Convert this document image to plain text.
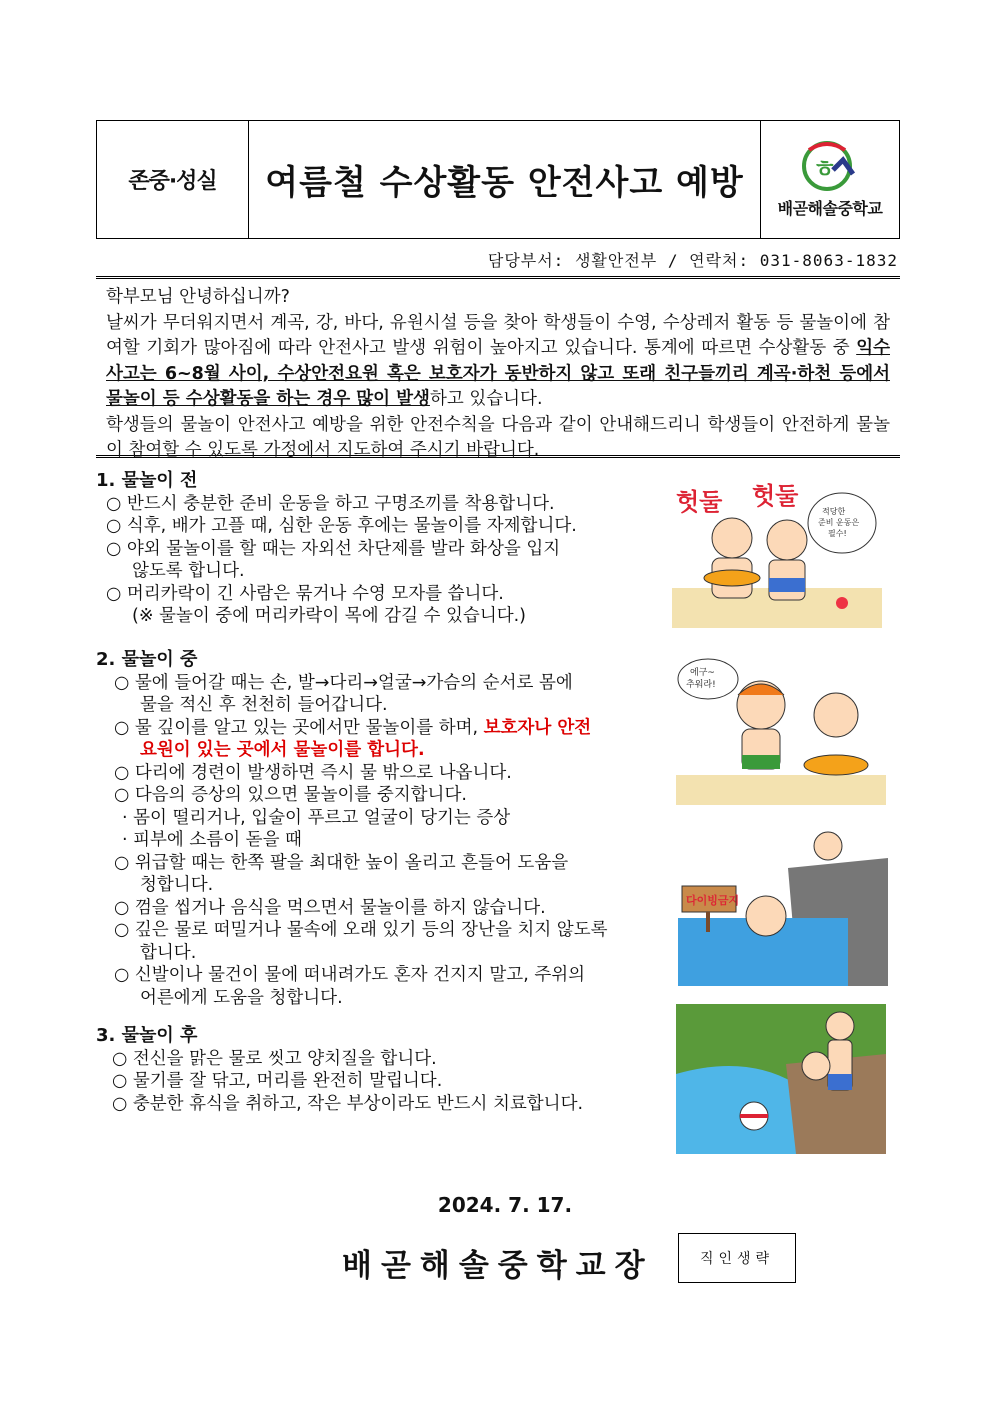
존중·성실	여름철 수상활동 안전사고 예방	ㅎ
배곧해솔중학교
담당부서: 생활안전부 / 연락처: 031-8063-1832

학부모님 안녕하십니까?

날씨가 무더워지면서 계곡, 강, 바다, 유원시설 등을 찾아 학생들이 수영, 수상레저 활동 등 물놀이에 참여할 기회가 많아짐에 따라 안전사고 발생 위험이 높아지고 있습니다. 통계에 따르면 수상활동 중 익수사고는 6~8월 사이, 수상안전요원 혹은 보호자가 동반하지 않고 또래 친구들끼리 계곡·하천 등에서 물놀이 등 수상활동을 하는 경우 많이 발생하고 있습니다.

학생들의 물놀이 안전사고 예방을 위한 안전수칙을 다음과 같이 안내해드리니 학생들이 안전하게 물놀이 참여할 수 있도록 가정에서 지도하여 주시기 바랍니다.

1. 물놀이 전

○ 반드시 충분한 준비 운동을 하고 구명조끼를 착용합니다.

○ 식후, 배가 고플 때, 심한 운동 후에는 물놀이를 자제합니다.

○ 야외 물놀이를 할 때는 자외선 차단제를 발라 화상을 입지

않도록 합니다.

○ 머리카락이 긴 사람은 묶거나 수영 모자를 씁니다.

(※ 물놀이 중에 머리카락이 목에 감길 수 있습니다.)

헛둘 헛둘
적당한
준비 운동은
필수!
2. 물놀이 중

○ 물에 들어갈 때는 손, 발→다리→얼굴→가슴의 순서로 몸에

물을 적신 후 천천히 들어갑니다.

○ 물 깊이를 알고 있는 곳에서만 물놀이를 하며, 보호자나 안전

요원이 있는 곳에서 물놀이를 합니다.

○ 다리에 경련이 발생하면 즉시 물 밖으로 나옵니다.

○ 다음의 증상의 있으면 물놀이를 중지합니다.

· 몸이 떨리거나, 입술이 푸르고 얼굴이 당기는 증상

· 피부에 소름이 돋을 때

○ 위급할 때는 한쪽 팔을 최대한 높이 올리고 흔들어 도움을

청합니다.

○ 껌을 씹거나 음식을 먹으면서 물놀이를 하지 않습니다.

○ 깊은 물로 떠밀거나 물속에 오래 있기 등의 장난을 치지 않도록

합니다.

○ 신발이나 물건이 물에 떠내려가도 혼자 건지지 말고, 주위의

어른에게 도움을 청합니다.

에구~
추워라!
다이빙금지
3. 물놀이 후

○ 전신을 맑은 물로 씻고 양치질을 합니다.

○ 물기를 잘 닦고, 머리를 완전히 말립니다.

○ 충분한 휴식을 취하고, 작은 부상이라도 반드시 치료합니다.

2024. 7. 17.
배곧해솔중학교장	직인생략
